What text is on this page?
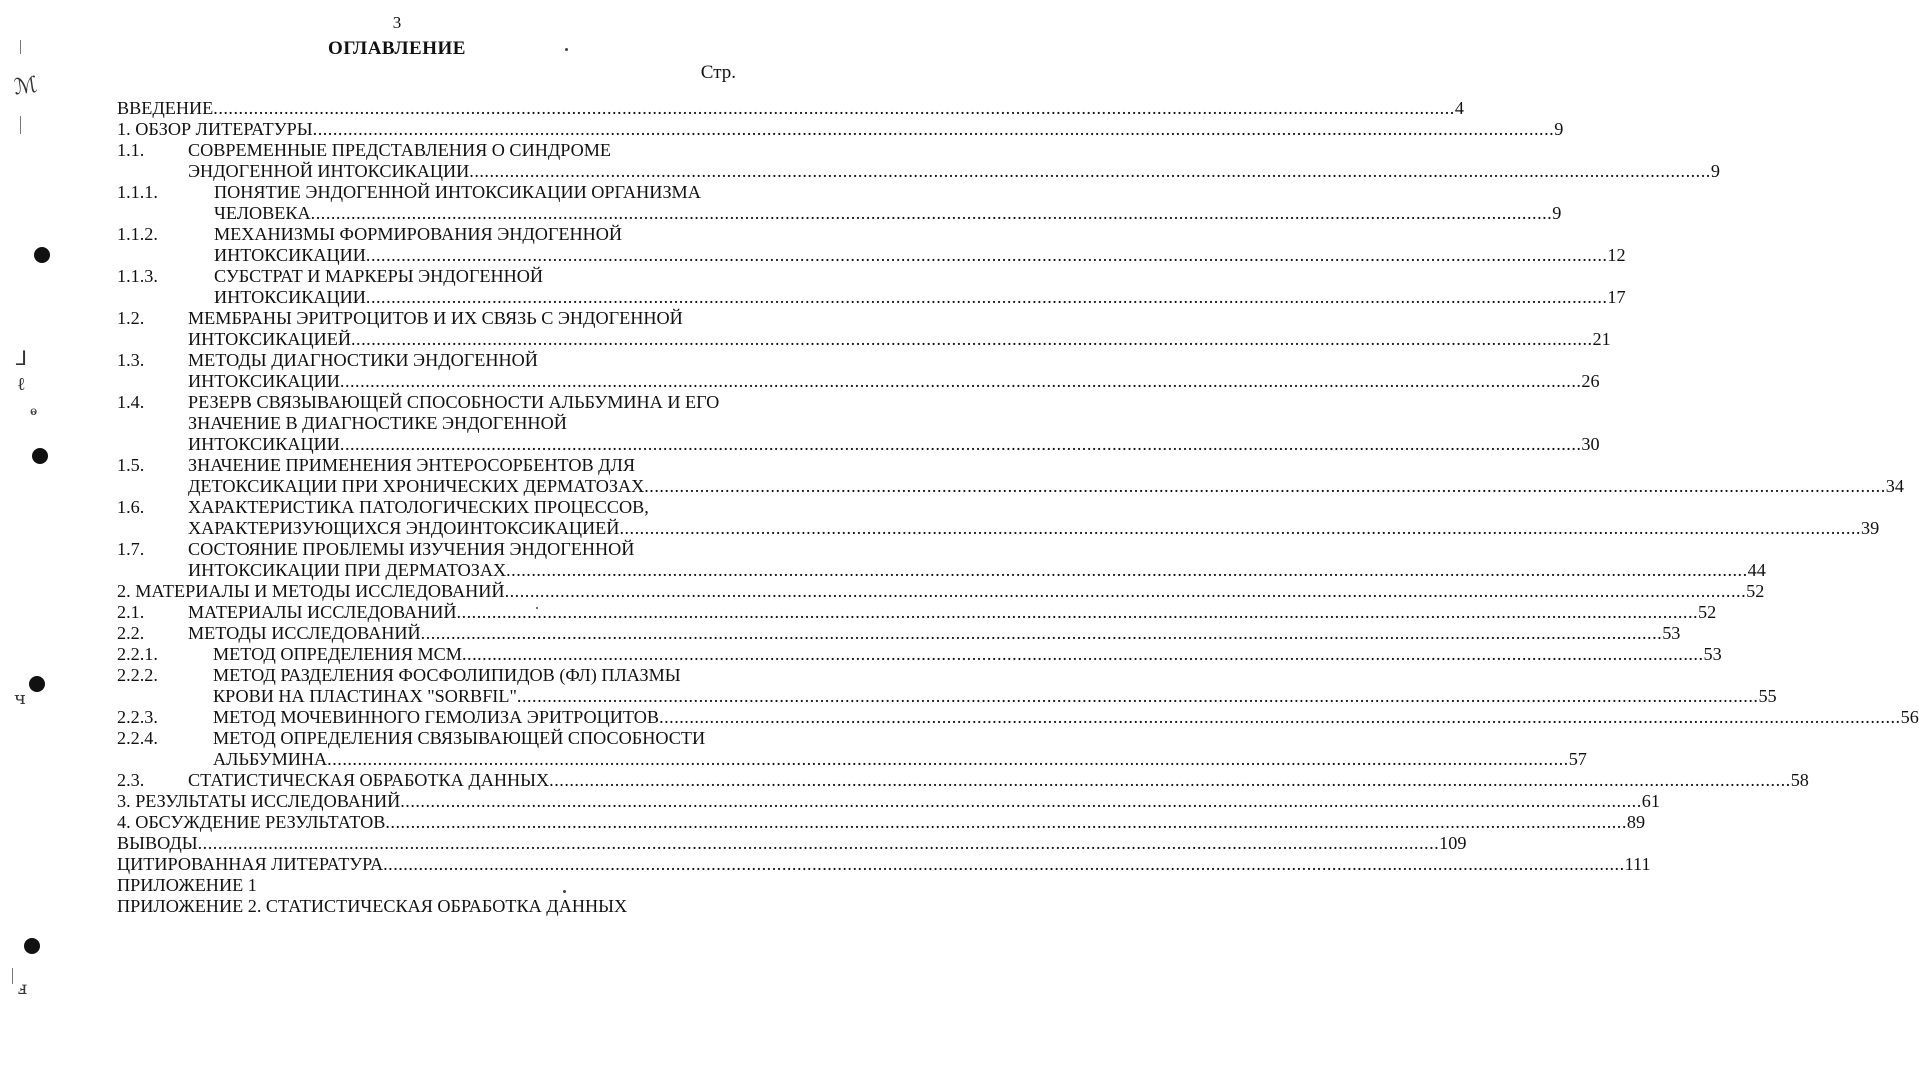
3
ОГЛАВЛЕНИЕ
Стр.
ВВЕДЕНИЕ .....	4
1. ОБЗОР ЛИТЕРАТУРЫ .....	9
1.1. СОВРЕМЕННЫЕ ПРЕДСТАВЛЕНИЯ О СИНДРОМЕ
ЭНДОГЕННОЙ ИНТОКСИКАЦИИ .....	9
1.1.1.	ПОНЯТИЕ ЭНДОГЕННОЙ ИНТОКСИКАЦИИ ОРГАНИЗМА
ЧЕЛОВЕКА .....	9
1.1.2.	МЕХАНИЗМЫ ФОРМИРОВАНИЯ ЭНДОГЕННОЙ
ИНТОКСИКАЦИИ .....	12
1.1.3.	СУБСТРАТ И МАРКЕРЫ ЭНДОГЕННОЙ
ИНТОКСИКАЦИИ .....	17
1.2. МЕМБРАНЫ ЭРИТРОЦИТОВ И ИХ СВЯЗЬ С ЭНДОГЕННОЙ
ИНТОКСИКАЦИЕЙ .....	21
1.3. МЕТОДЫ ДИАГНОСТИКИ ЭНДОГЕННОЙ
ИНТОКСИКАЦИИ .....	26
1.4. РЕЗЕРВ СВЯЗЫВАЮЩЕЙ СПОСОБНОСТИ АЛЬБУМИНА И ЕГО
ЗНАЧЕНИЕ В ДИАГНОСТИКЕ ЭНДОГЕННОЙ
ИНТОКСИКАЦИИ .....	30
1.5. ЗНАЧЕНИЕ ПРИМЕНЕНИЯ ЭНТЕРОСОРБЕНТОВ ДЛЯ
ДЕТОКСИКАЦИИ ПРИ ХРОНИЧЕСКИХ ДЕРМАТОЗАХ .....	34
1.6. ХАРАКТЕРИСТИКА ПАТОЛОГИЧЕСКИХ ПРОЦЕССОВ,
ХАРАКТЕРИЗУЮЩИХСЯ ЭНДОИНТОКСИКАЦИЕЙ .....	39
1.7. СОСТОЯНИЕ ПРОБЛЕМЫ ИЗУЧЕНИЯ ЭНДОГЕННОЙ
ИНТОКСИКАЦИИ ПРИ ДЕРМАТОЗАХ .....	44
2. МАТЕРИАЛЫ И МЕТОДЫ ИССЛЕДОВАНИЙ .....	52
2.1. МАТЕРИАЛЫ ИССЛЕДОВАНИЙ .....	52
2.2. МЕТОДЫ ИССЛЕДОВАНИЙ .....	53
2.2.1.	МЕТОД ОПРЕДЕЛЕНИЯ МСМ .....	53
2.2.2.	МЕТОД РАЗДЕЛЕНИЯ ФОСФОЛИПИДОВ (ФЛ) ПЛАЗМЫ
КРОВИ НА ПЛАСТИНАХ "SORBFIL" .....	55
2.2.3.	МЕТОД МОЧЕВИННОГО ГЕМОЛИЗА ЭРИТРОЦИТОВ .....	56
2.2.4.	МЕТОД ОПРЕДЕЛЕНИЯ СВЯЗЫВАЮЩЕЙ СПОСОБНОСТИ
АЛЬБУМИНА .....	57
2.3. СТАТИСТИЧЕСКАЯ ОБРАБОТКА ДАННЫХ .....	58
3. РЕЗУЛЬТАТЫ ИССЛЕДОВАНИЙ .....	61
4. ОБСУЖДЕНИЕ РЕЗУЛЬТАТОВ .....	89
ВЫВОДЫ .....	109
ЦИТИРОВАННАЯ ЛИТЕРАТУРА .....	111
ПРИЛОЖЕНИЕ 1
ПРИЛОЖЕНИЕ 2. СТАТИСТИЧЕСКАЯ ОБРАБОТКА ДАННЫХ
ℳ
⅃
ℓ
ⱺ
ч
ⅎ
